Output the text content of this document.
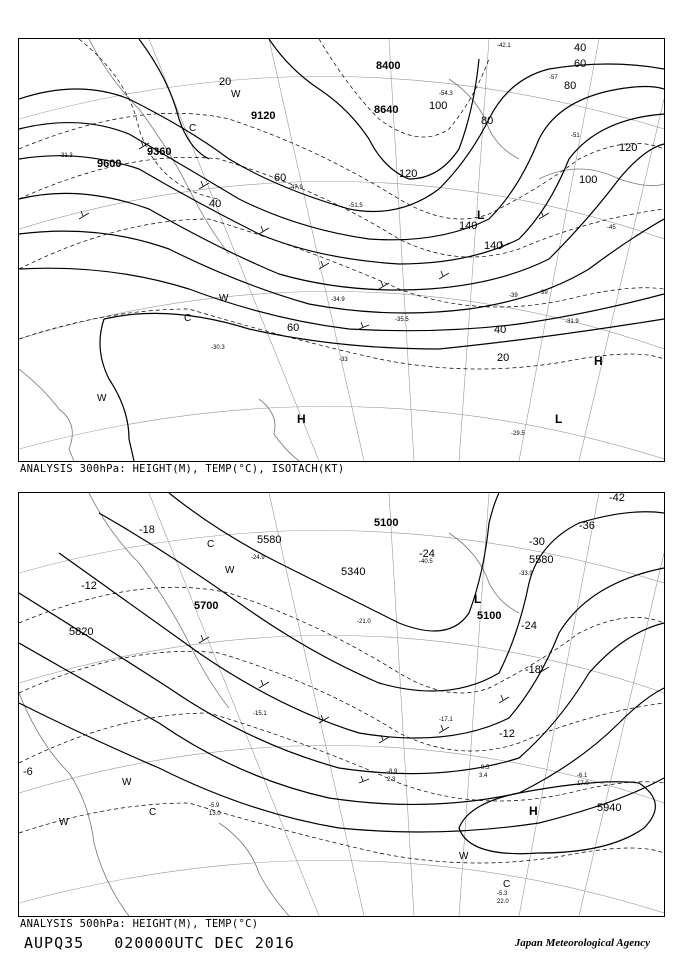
9600
9120	8640
8400
9360
20
40
60
80
100
120
140
60	40
20
40
60
80
120
100
140
H
L
H
C
W
W
C
W
L
-39
-45
-51
-47.9
-51.5
-54.3
-31.3
-29.5
-30.3
-34.9
-33
-35.5	-31.9
-42.1
-39
-57
ANALYSIS 300hPa: HEIGHT(M), TEMP(°C), ISOTACH(KT)
5100
5100
5340
5580
5700
5820
5940
5580
-42
-36
-30
-24
-18
-12
-6
-12
-18
-24
H
C
W
W
C
W
C
L
W
-9.5
3.4	-6.1
17.0
-5.3
22.0
-5.9
13.0
-8.9
2.3
-21.0
-33.9
-24.9
-15.1
-17.1
-40.5
ANALYSIS 500hPa: HEIGHT(M), TEMP(°C)
AUPQ35 020000UTC DEC 2016	Japan Meteorological Agency
